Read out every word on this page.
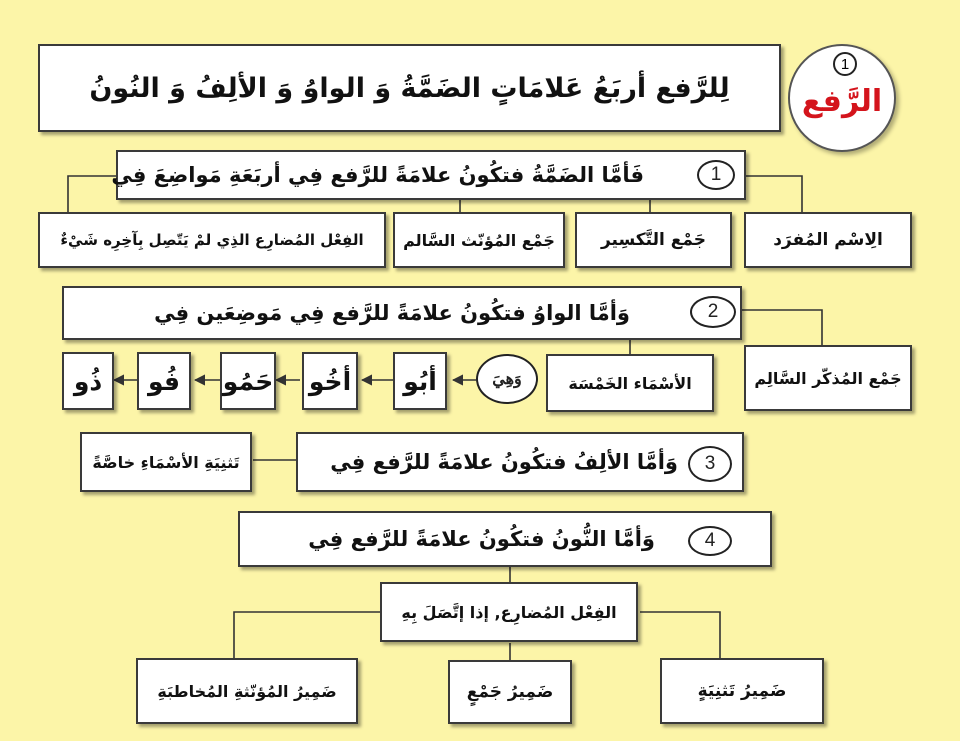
لِلرَّفع أربَعُ عَلامَاتٍ الضَمَّةُ وَ الواوُ وَ الألِفُ وَ النُونُ
1
الرَّفع
فَأمَّا الضَمَّةُ فتكُونُ علامَةً للرَّفع فِي أربَعَةِ مَواضِعَ فِي	1
الِاسْم المُفرَد
جَمْع التَّكسِير
جَمْع المُؤنّث السَّالم
الفِعْل المُضارِع الذِي لمْ يَتّصِل بِآخِرِه شَيْءٌ
وَأمَّا الواوُ فتكُونُ علامَةً للرَّفع فِي مَوضِعَين فِي	2
جَمْع المُذكّر السَّالِم
الأسْمَاء الخَمْسَة
وَهِيَ
أبُو
أخُو
حَمُو
فُو
ذُو
وَأمَّا الألِفُ فتكُونُ علامَةً للرَّفع فِي	3
تَثنِيَةِ الأسْمَاءِ خاصَّةً
وَأمَّا النُّونُ فتكُونُ علامَةً للرَّفع فِي	4
الفِعْل المُضارِع, إذا إتَّصَلَ بِهِ
ضَمِيرُ تَثنِيَةٍ
ضَمِيرُ جَمْعٍ
ضَمِيرُ المُؤنّثةِ المُخاطبَةِ
